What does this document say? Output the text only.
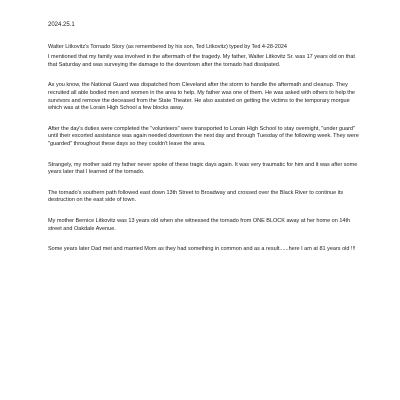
2024.25.1
Walter Litkovitz's Tornado Story (as remembered by his son, Ted Litkovitz) typed by Ted 4-28-2024
I mentioned that my family was involved in the aftermath of the tragedy. My father, Walter Litkovitz Sr. was 17 years old on that that Saturday and was surveying the damage to the downtown after the tornado had dissipated.
As you know, the National Guard was dispatched from Cleveland after the storm to handle the aftermath and cleanup. They recruited all able bodied men and women in the area to help. My father was one of them. He was asked with others to help the survivors and remove the deceased from the State Theater. He also assisted on getting the victims to the temporary morgue which was at the Lorain High School a few blocks away.
After the day's duties were completed the "volunteers" were transported to Lorain High School to stay overnight, "under guard" until their escorted assistance was again needed downtown the next day and through Tuesday of the following week. They were "guarded" throughout these days so they couldn't leave the area.
Strangely, my mother said my father never spoke of these tragic days again. It was very traumatic for him and it was after some years later that I learned of the tornado.
The tornado's southern path followed east down 13th Street to Broadway and crossed over the Black River to continue its destruction on the east side of town.
My mother Bernice Litkovitz was 13 years old when she witnessed the tornado from ONE BLOCK away at her home on 14th street and Oakdale Avenue.
Some years later Dad met and married Mom as they had something in common and as a result......here I am at 81 years old !!!
